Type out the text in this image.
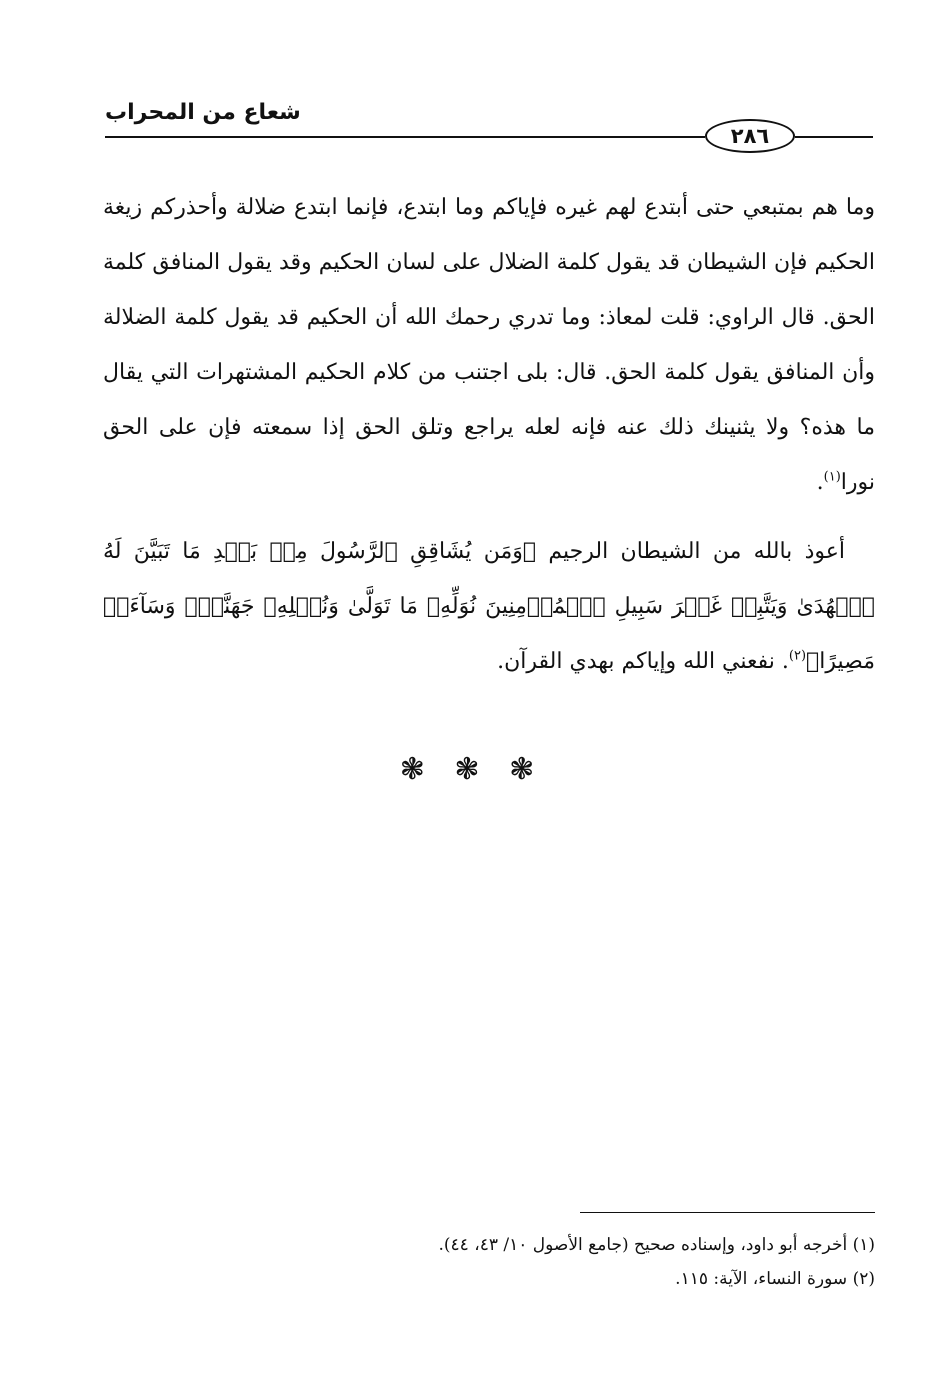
شعاع من المحراب
٢٨٦

وما هم بمتبعي حتى أبتدع لهم غيره فإياكم وما ابتدع، فإنما ابتدع ضلالة وأحذركم زيغة الحكيم فإن الشيطان قد يقول كلمة الضلال على لسان الحكيم وقد يقول المنافق كلمة الحق. قال الراوي: قلت لمعاذ: وما تدري رحمك الله أن الحكيم قد يقول كلمة الضلالة وأن المنافق يقول كلمة الحق. قال: بلى اجتنب من كلام الحكيم المشتهرات التي يقال ما هذه؟ ولا يثنينك ذلك عنه فإنه لعله يراجع وتلق الحق إذا سمعته فإن على الحق نورا$^{(١)}$.

أعوذ بالله من الشيطان الرجيم ﴿وَمَن يُشَاقِقِ ٱلرَّسُولَ مِنۢ بَعۡدِ مَا تَبَيَّنَ لَهُ ٱلۡهُدَىٰ وَيَتَّبِعۡ غَيۡرَ سَبِيلِ ٱلۡمُؤۡمِنِينَ نُوَلِّهِۦ مَا تَوَلَّىٰ وَنُصۡلِهِۦ جَهَنَّمَۖ وَسَآءَتۡ مَصِيرًا﴾$^{(٢)}$. نفعني الله وإياكم بهدي القرآن.

❃ ❃ ❃
(١) أخرجه أبو داود، وإسناده صحيح (جامع الأصول ١٠/ ٤٣، ٤٤).
(٢) سورة النساء، الآية: ١١٥.
